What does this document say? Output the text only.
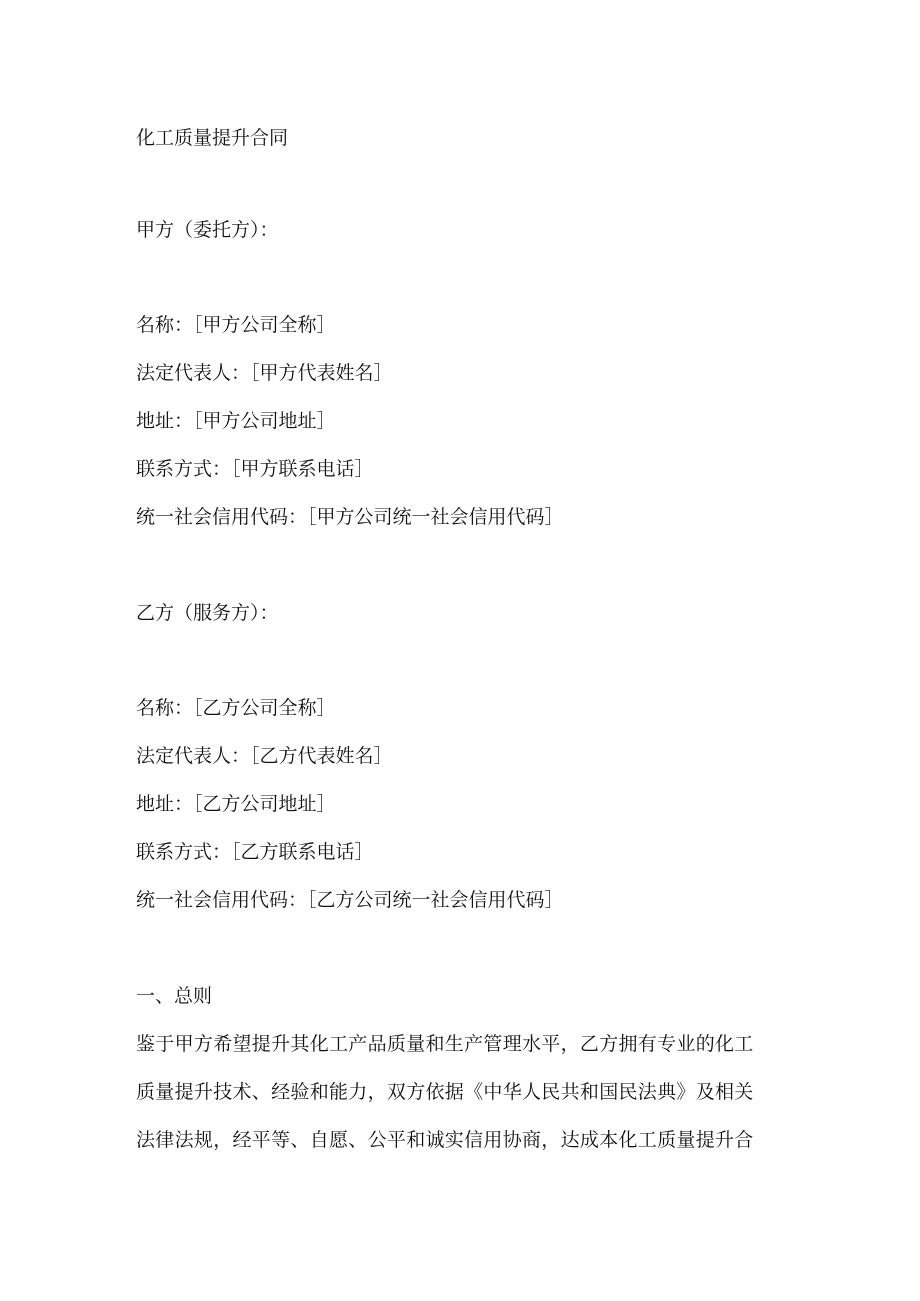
化工质量提升合同

甲方（委托方）：

名称：［甲方公司全称］

法定代表人：［甲方代表姓名］

地址：［甲方公司地址］

联系方式：［甲方联系电话］

统一社会信用代码：［甲方公司统一社会信用代码］

乙方（服务方）：

名称：［乙方公司全称］

法定代表人：［乙方代表姓名］

地址：［乙方公司地址］

联系方式：［乙方联系电话］

统一社会信用代码：［乙方公司统一社会信用代码］

一、总则

鉴于甲方希望提升其化工产品质量和生产管理水平，乙方拥有专业的化工

质量提升技术、经验和能力，双方依据《中华人民共和国民法典》及相关

法律法规，经平等、自愿、公平和诚实信用协商，达成本化工质量提升合
